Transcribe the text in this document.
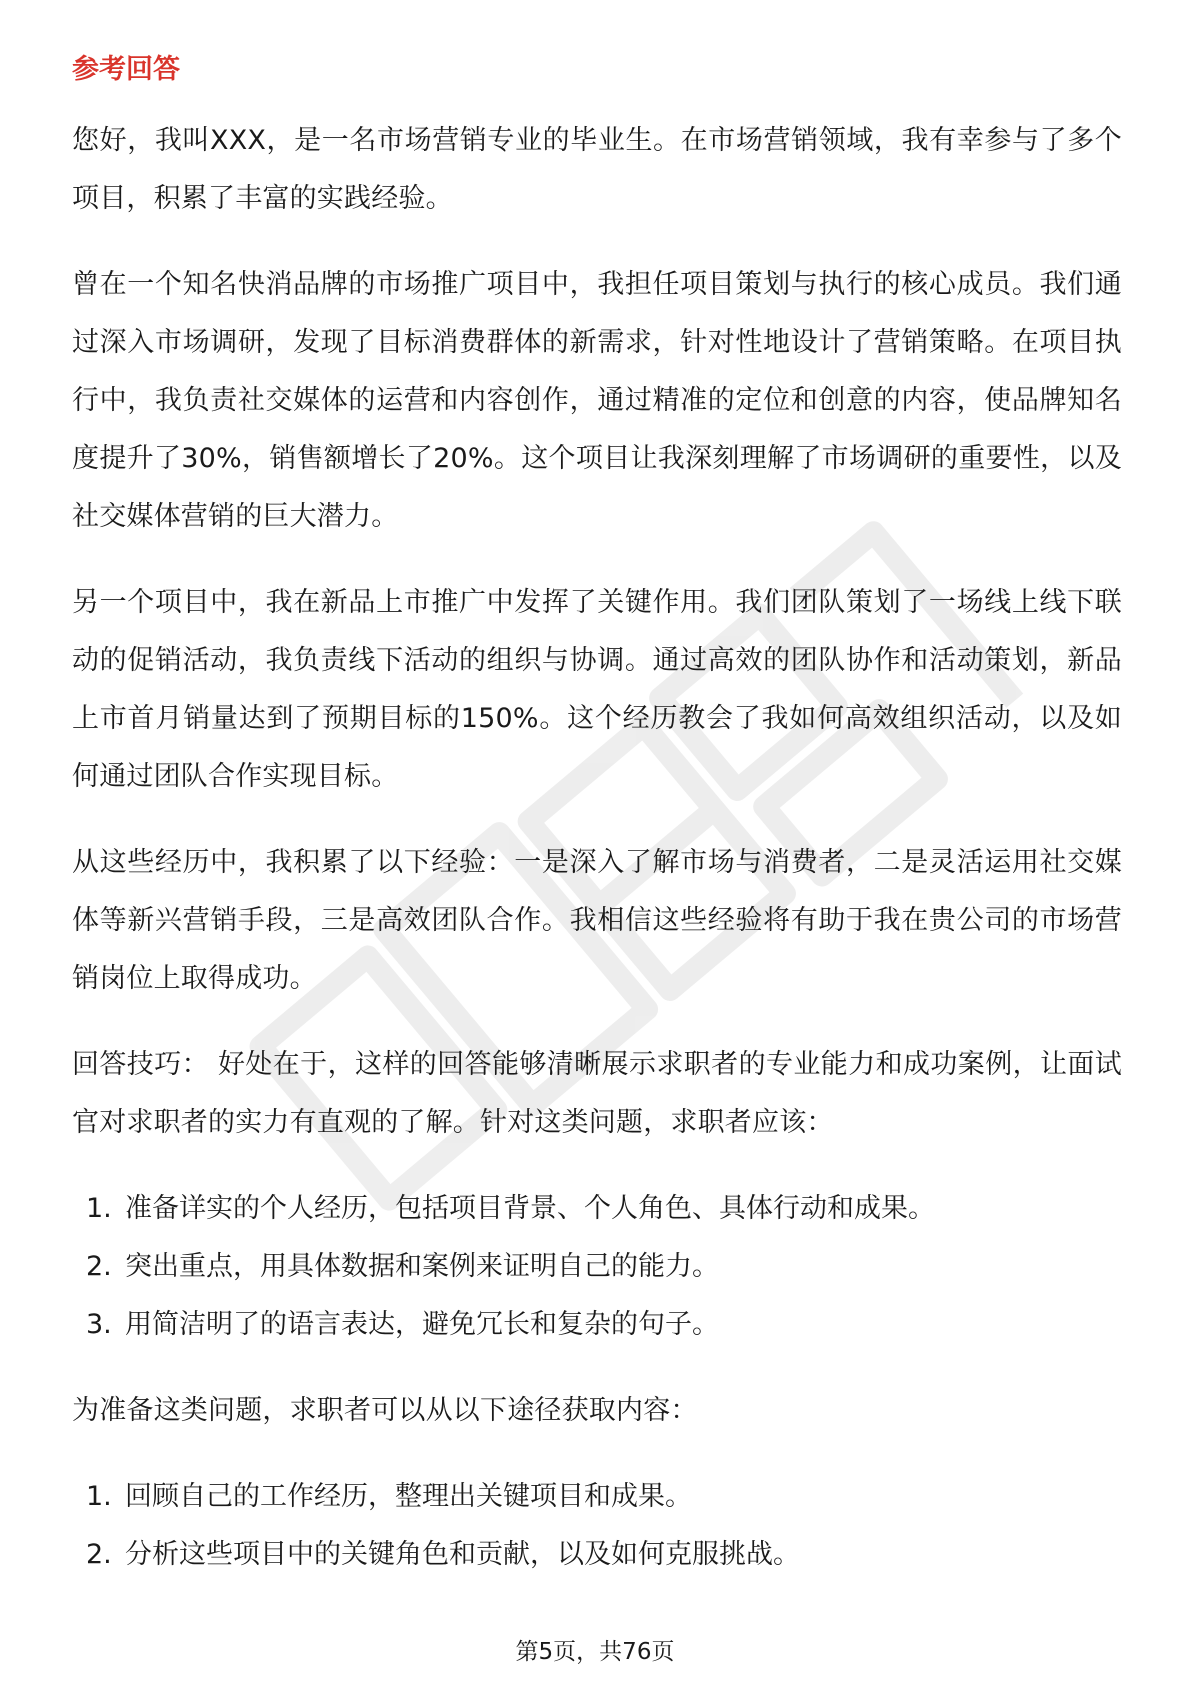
参考回答

您好，我叫XXX，是一名市场营销专业的毕业生。在市场营销领域，我有幸参与了多个项目，积累了丰富的实践经验。

曾在一个知名快消品牌的市场推广项目中，我担任项目策划与执行的核心成员。我们通过深入市场调研，发现了目标消费群体的新需求，针对性地设计了营销策略。在项目执行中，我负责社交媒体的运营和内容创作，通过精准的定位和创意的内容，使品牌知名度提升了30%，销售额增长了20%。这个项目让我深刻理解了市场调研的重要性，以及社交媒体营销的巨大潜力。

另一个项目中，我在新品上市推广中发挥了关键作用。我们团队策划了一场线上线下联动的促销活动，我负责线下活动的组织与协调。通过高效的团队协作和活动策划，新品上市首月销量达到了预期目标的150%。这个经历教会了我如何高效组织活动，以及如何通过团队合作实现目标。

从这些经历中，我积累了以下经验：一是深入了解市场与消费者，二是灵活运用社交媒体等新兴营销手段，三是高效团队合作。我相信这些经验将有助于我在贵公司的市场营销岗位上取得成功。

回答技巧： 好处在于，这样的回答能够清晰展示求职者的专业能力和成功案例，让面试官对求职者的实力有直观的了解。针对这类问题，求职者应该：

1. 准备详实的个人经历，包括项目背景、个人角色、具体行动和成果。
2. 突出重点，用具体数据和案例来证明自己的能力。
3. 用简洁明了的语言表达，避免冗长和复杂的句子。

为准备这类问题，求职者可以从以下途径获取内容：

1. 回顾自己的工作经历，整理出关键项目和成果。
2. 分析这些项目中的关键角色和贡献，以及如何克服挑战。
第5页，共76页
